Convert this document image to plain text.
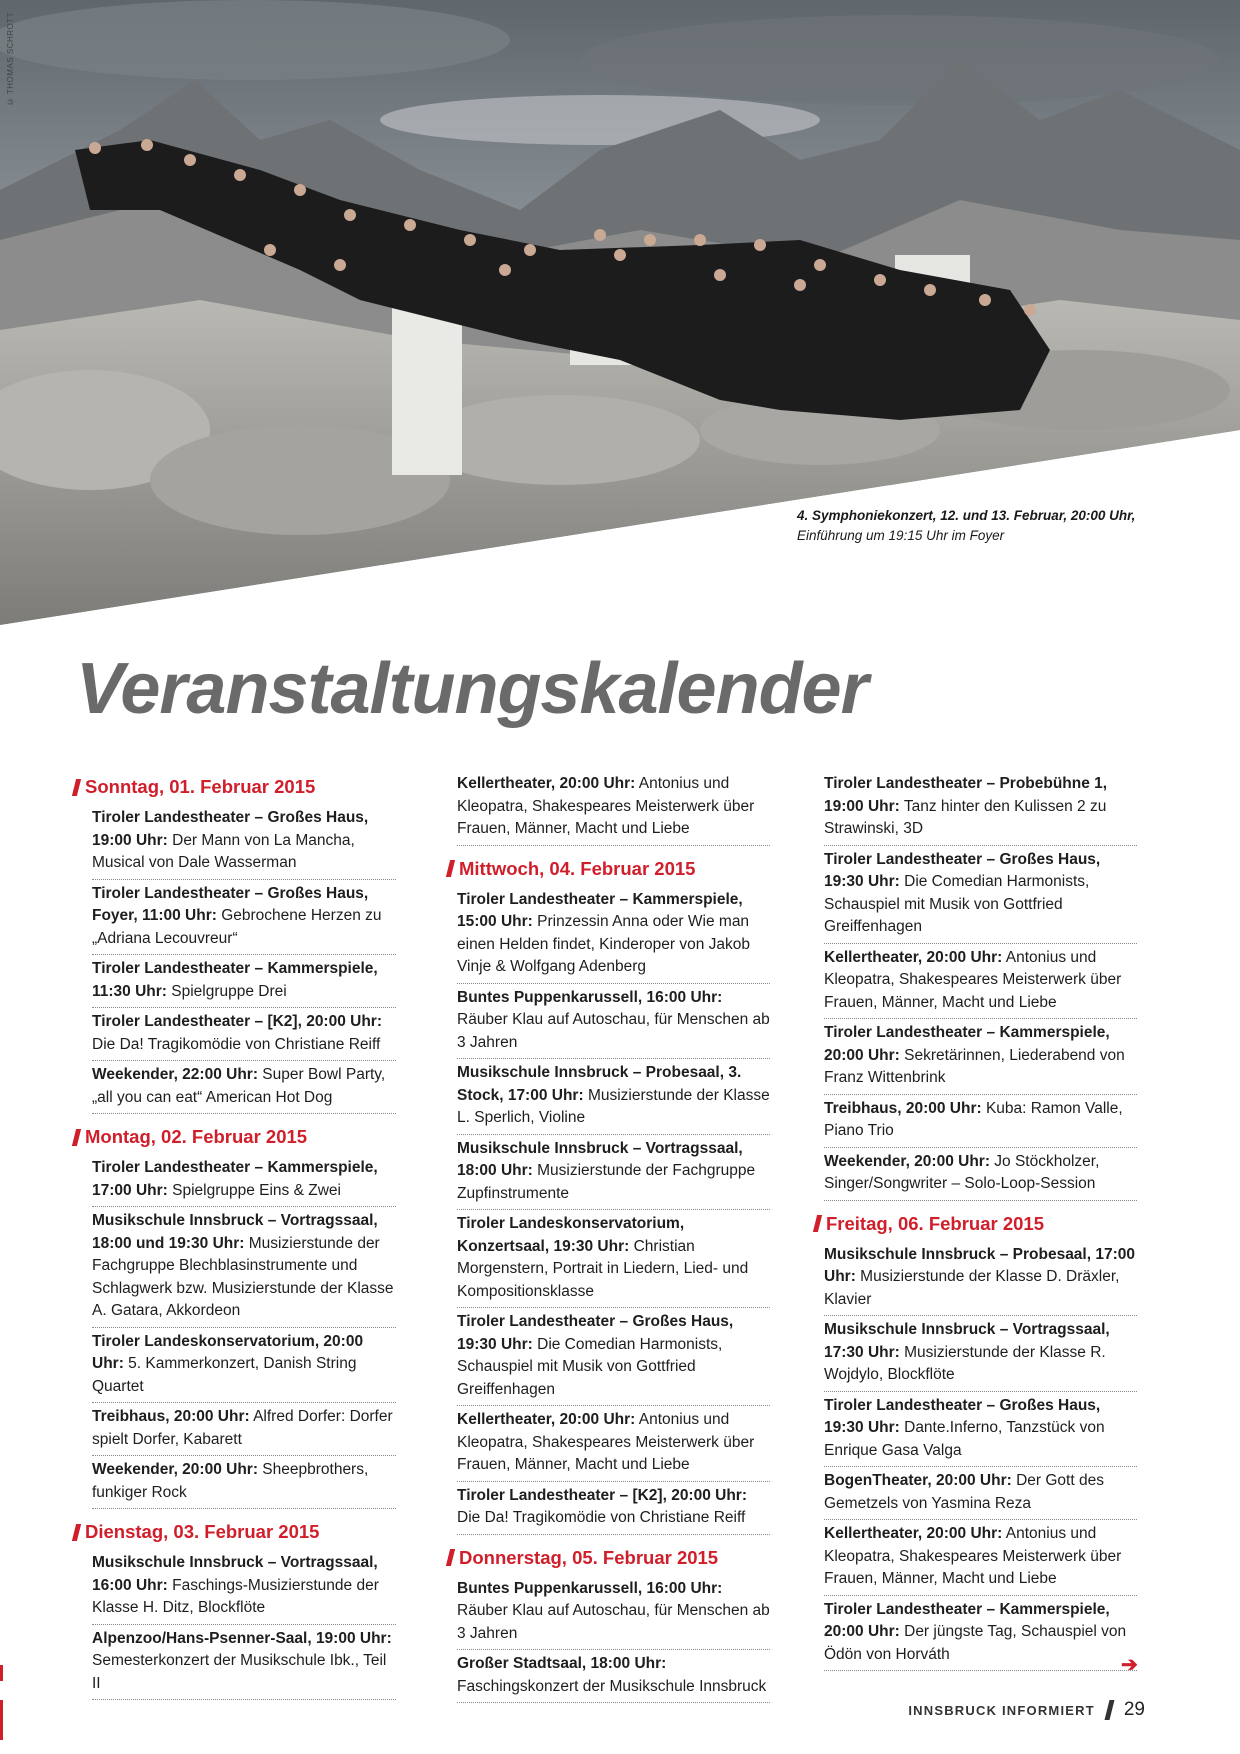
© THOMAS SCHROTT
4. Symphoniekonzert, 12. und 13. Februar, 20:00 Uhr,
Einführung um 19:15 Uhr im Foyer
Veranstaltungskalender
Sonntag, 01. Februar 2015
Tiroler Landestheater – Großes Haus, 19:00 Uhr: Der Mann von La Mancha, Musical von Dale Wasserman
Tiroler Landestheater – Großes Haus, Foyer, 11:00 Uhr: Gebrochene Herzen zu „Adriana Lecouvreur“
Tiroler Landestheater – Kammerspiele, 11:30 Uhr: Spielgruppe Drei
Tiroler Landestheater – [K2], 20:00 Uhr: Die Da! Tragikomödie von Christiane Reiff
Weekender, 22:00 Uhr: Super Bowl Party, „all you can eat“ American Hot Dog
Montag, 02. Februar 2015
Tiroler Landestheater – Kammerspiele, 17:00 Uhr: Spielgruppe Eins & Zwei
Musikschule Innsbruck – Vortragssaal, 18:00 und 19:30 Uhr: Musizierstunde der Fachgruppe Blechblasinstrumente und Schlagwerk bzw. Musizierstunde der Klasse A. Gatara, Akkordeon
Tiroler Landeskonservatorium, 20:00 Uhr: 5. Kammerkonzert, Danish String Quartet
Treibhaus, 20:00 Uhr: Alfred Dorfer: Dorfer spielt Dorfer, Kabarett
Weekender, 20:00 Uhr: Sheepbrothers, funkiger Rock
Dienstag, 03. Februar 2015
Musikschule Innsbruck – Vortragssaal, 16:00 Uhr: Faschings-Musizierstunde der Klasse H. Ditz, Blockflöte
Alpenzoo/Hans-Psenner-Saal, 19:00 Uhr: Semesterkonzert der Musikschule Ibk., Teil II
Kellertheater, 20:00 Uhr: Antonius und Kleopatra, Shakespeares Meisterwerk über Frauen, Männer, Macht und Liebe
Mittwoch, 04. Februar 2015
Tiroler Landestheater – Kammerspiele, 15:00 Uhr: Prinzessin Anna oder Wie man einen Helden findet, Kinderoper von Jakob Vinje & Wolfgang Adenberg
Buntes Puppenkarussell, 16:00 Uhr: Räuber Klau auf Autoschau, für Menschen ab 3 Jahren
Musikschule Innsbruck – Probesaal, 3. Stock, 17:00 Uhr: Musizierstunde der Klasse L. Sperlich, Violine
Musikschule Innsbruck – Vortragssaal, 18:00 Uhr: Musizierstunde der Fachgruppe Zupfinstrumente
Tiroler Landeskonservatorium, Konzertsaal, 19:30 Uhr: Christian Morgenstern, Portrait in Liedern, Lied- und Kompositionsklasse
Tiroler Landestheater – Großes Haus, 19:30 Uhr: Die Comedian Harmonists, Schauspiel mit Musik von Gottfried Greiffenhagen
Kellertheater, 20:00 Uhr: Antonius und Kleopatra, Shakespeares Meisterwerk über Frauen, Männer, Macht und Liebe
Tiroler Landestheater – [K2], 20:00 Uhr: Die Da! Tragikomödie von Christiane Reiff
Donnerstag, 05. Februar 2015
Buntes Puppenkarussell, 16:00 Uhr: Räuber Klau auf Autoschau, für Menschen ab 3 Jahren
Großer Stadtsaal, 18:00 Uhr: Faschingskonzert der Musikschule Innsbruck
Tiroler Landestheater – Probebühne 1, 19:00 Uhr: Tanz hinter den Kulissen 2 zu Strawinski, 3D
Tiroler Landestheater – Großes Haus, 19:30 Uhr: Die Comedian Harmonists, Schauspiel mit Musik von Gottfried Greiffenhagen
Kellertheater, 20:00 Uhr: Antonius und Kleopatra, Shakespeares Meisterwerk über Frauen, Männer, Macht und Liebe
Tiroler Landestheater – Kammerspiele, 20:00 Uhr: Sekretärinnen, Liederabend von Franz Wittenbrink
Treibhaus, 20:00 Uhr: Kuba: Ramon Valle, Piano Trio
Weekender, 20:00 Uhr: Jo Stöckholzer, Singer/Songwriter – Solo-Loop-Session
Freitag, 06. Februar 2015
Musikschule Innsbruck – Probesaal, 17:00 Uhr: Musizierstunde der Klasse D. Dräxler, Klavier
Musikschule Innsbruck – Vortragssaal, 17:30 Uhr: Musizierstunde der Klasse R. Wojdylo, Blockflöte
Tiroler Landestheater – Großes Haus, 19:30 Uhr: Dante.Inferno, Tanzstück von Enrique Gasa Valga
BogenTheater, 20:00 Uhr: Der Gott des Gemetzels von Yasmina Reza
Kellertheater, 20:00 Uhr: Antonius und Kleopatra, Shakespeares Meisterwerk über Frauen, Männer, Macht und Liebe
Tiroler Landestheater – Kammerspiele, 20:00 Uhr: Der jüngste Tag, Schauspiel von Ödön von Horváth	➔
INNSBRUCK INFORMIERT 29
